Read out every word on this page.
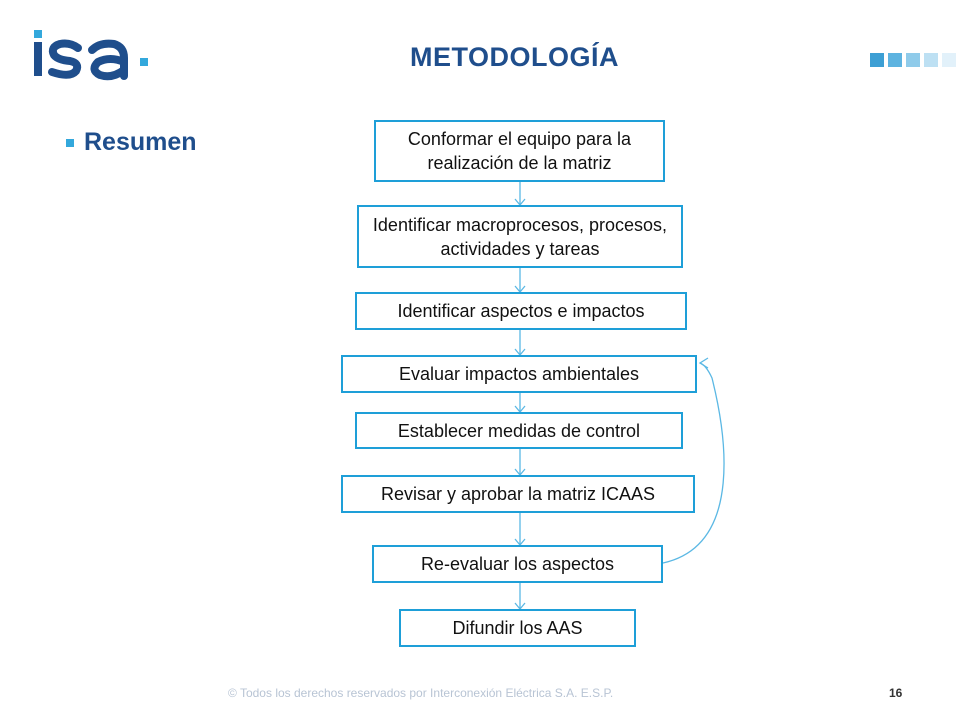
METODOLOGÍA
Resumen	Conformar el equipo para la realización de la matriz
Identificar macroprocesos, procesos, actividades y tareas
Identificar aspectos e impactos
Evaluar impactos ambientales
Establecer medidas de control
Revisar y aprobar la matriz ICAAS
Re-evaluar los aspectos
Difundir los AAS
© Todos los derechos reservados por Interconexión Eléctrica S.A. E.S.P.	16
